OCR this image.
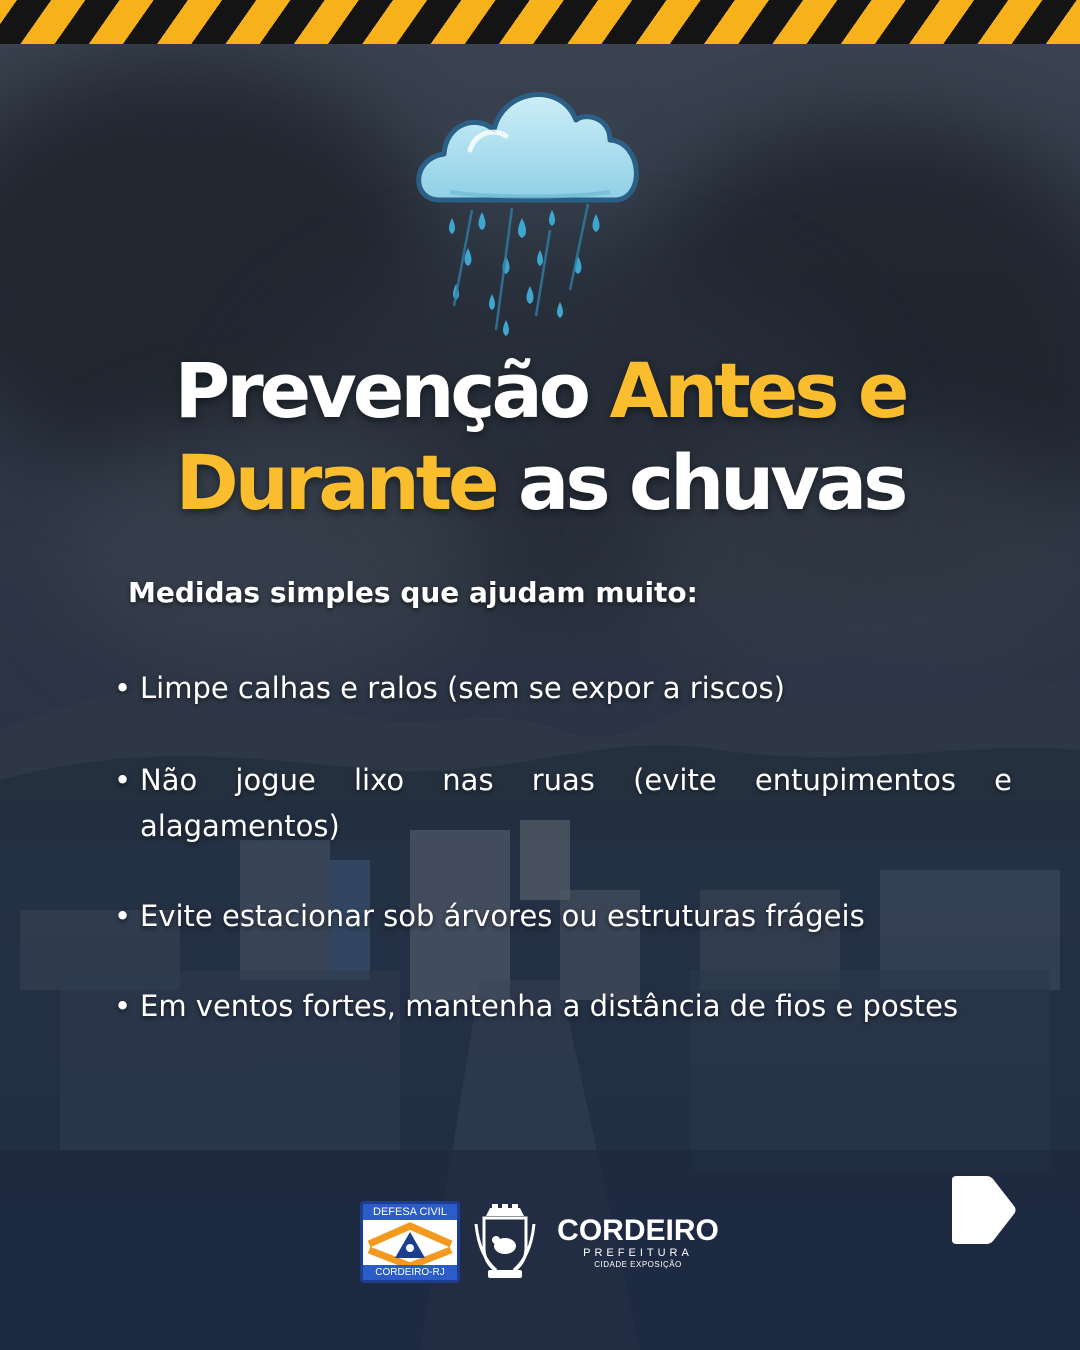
Prevenção Antes e
Durante as chuvas

Medidas simples que ajudam muito:

• Limpe calhas e ralos (sem se expor a riscos)
• Não jogue lixo nas ruas (evite entupimentos e alagamentos)
• Evite estacionar sob árvores ou estruturas frágeis
• Em ventos fortes, mantenha a distância de fios e postes
DEFESA CIVIL
CORDEIRO-RJ
CORDEIRO
PREFEITURA
CIDADE EXPOSIÇÃO
